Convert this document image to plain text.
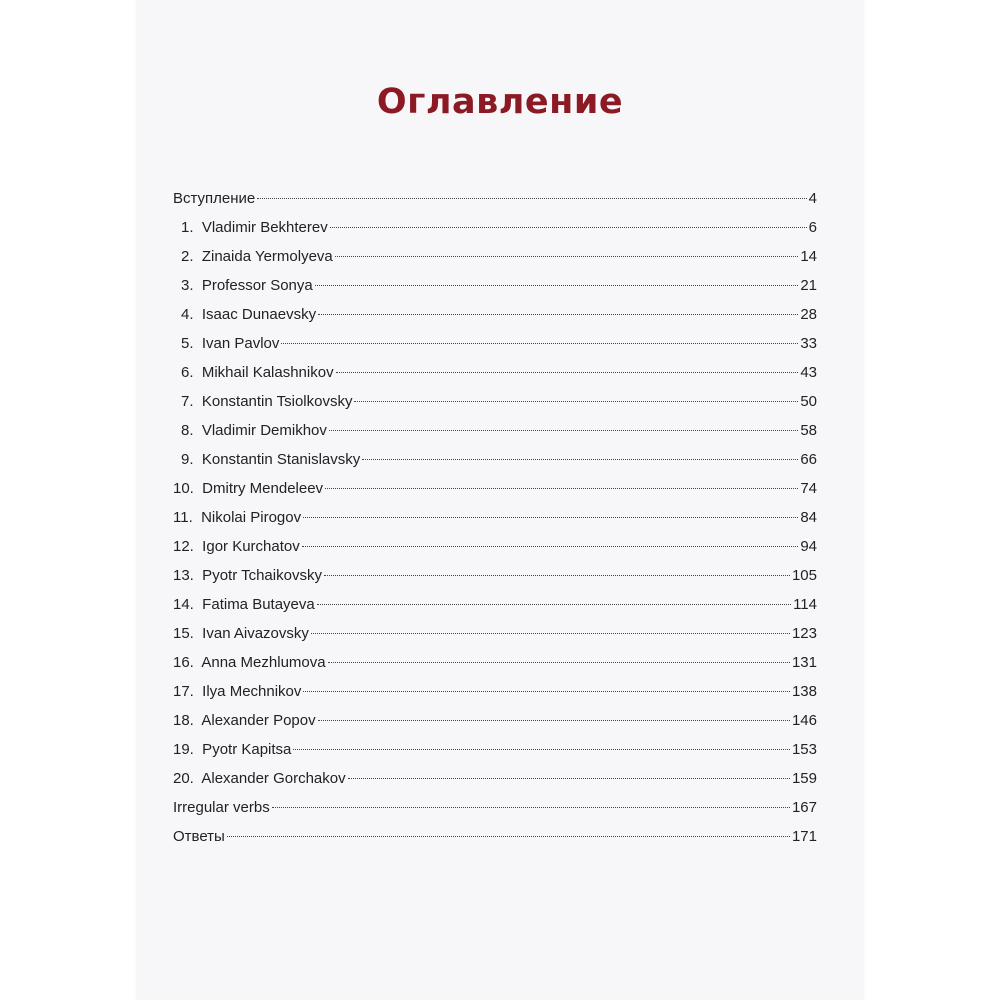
Оглавление
Вступление	4
1.  Vladimir Bekhterev	6
2.  Zinaida Yermolyeva	14
3.  Professor Sonya	21
4.  Isaac Dunaevsky	28
5.  Ivan Pavlov	33
6.  Mikhail Kalashnikov	43
7.  Konstantin Tsiolkovsky	50
8.  Vladimir Demikhov	58
9.  Konstantin Stanislavsky	66
10.  Dmitry Mendeleev	74
11.  Nikolai Pirogov	84
12.  Igor Kurchatov	94
13.  Pyotr Tchaikovsky	105
14.  Fatima Butayeva	114
15.  Ivan Aivazovsky	123
16.  Anna Mezhlumova	131
17.  Ilya Mechnikov	138
18.  Alexander Popov	146
19.  Pyotr Kapitsa	153
20.  Alexander Gorchakov	159
Irregular verbs	167
Ответы	171
